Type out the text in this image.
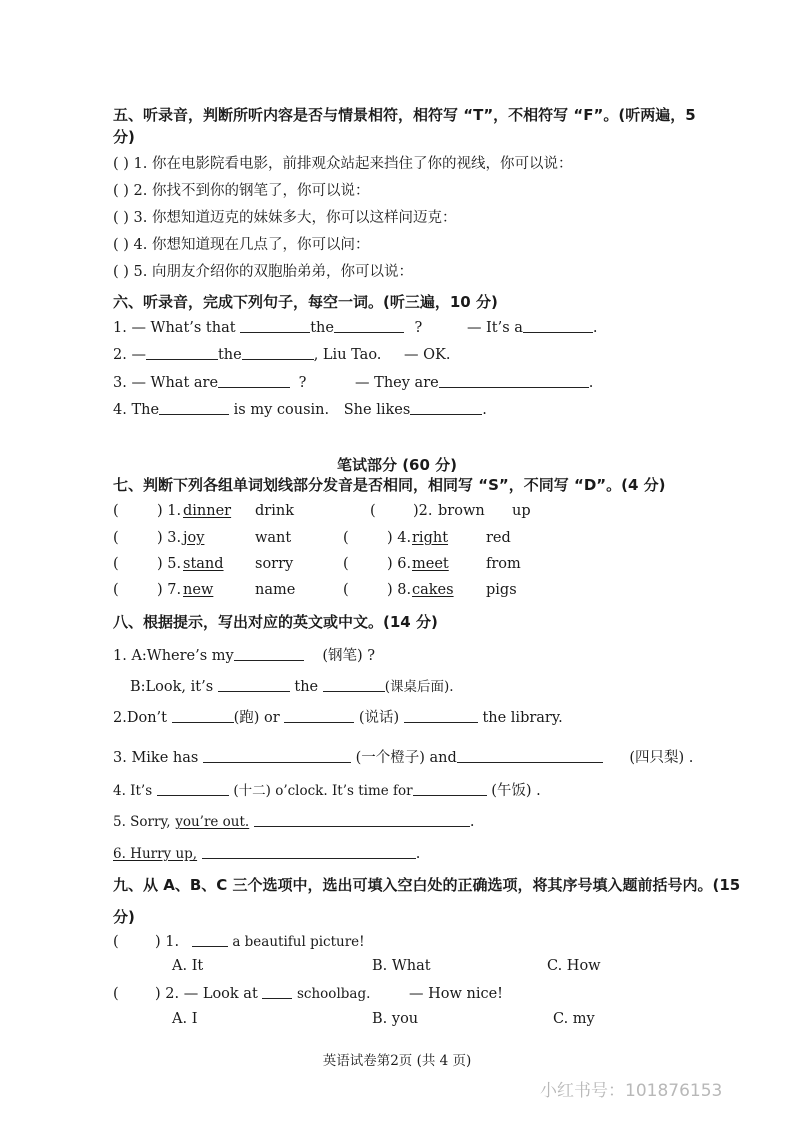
五、听录音，判断所听内容是否与情景相符，相符写 “T”，不相符写 “F”。(听两遍，5
分)
( ) 1. 你在电影院看电影，前排观众站起来挡住了你的视线，你可以说：
( ) 2. 你找不到你的钢笔了，你可以说：
( ) 3. 你想知道迈克的妹妹多大，你可以这样问迈克：
( ) 4. 你想知道现在几点了，你可以问：
( ) 5. 向朋友介绍你的双胞胎弟弟，你可以说：
六、听录音，完成下列句子，每空一词。(听三遍，10 分)
1. — What’s that	the	?	— It’s a	.
2. —	the	, Liu Tao. — OK.
3. — What are	?	— They are	.
4. The	is my cousin. She likes	.
笔试部分 (60 分)
七、判断下列各组单词划线部分发音是否相同，相同写 “S”，不同写 “D”。(4 分)
(	) 1. dinner drink	(	)2. brown up
(	) 3. joy	want	(	) 4. right	red
(	) 5. stand sorry	(	) 6. meet	from
(	) 7. new	name	(	) 8. cakes pigs
八、根据提示，写出对应的英文或中文。(14 分)
1. A:Where’s my	(钢笔) ?
B:Look, it’s	the	(课桌后面).
2.Don’t	(跑) or	(说话)	the library.
3. Mike has	(一个橙子) and	(四只梨) .
4. It’s	(十二) o’clock. It’s time for	(午饭) .
5. Sorry, you’re out.	.
6. Hurry up,	.
九、从 A、B、C 三个选项中，选出可填入空白处的正确选项，将其序号填入题前括号内。(15
分)
(	) 1.	a beautiful picture!
A. It	B. What	C. How
(	) 2. — Look at	schoolbag.	— How nice!
A. I	B. you	C. my
英语试卷第2页 (共 4 页)
小红书号：101876153
